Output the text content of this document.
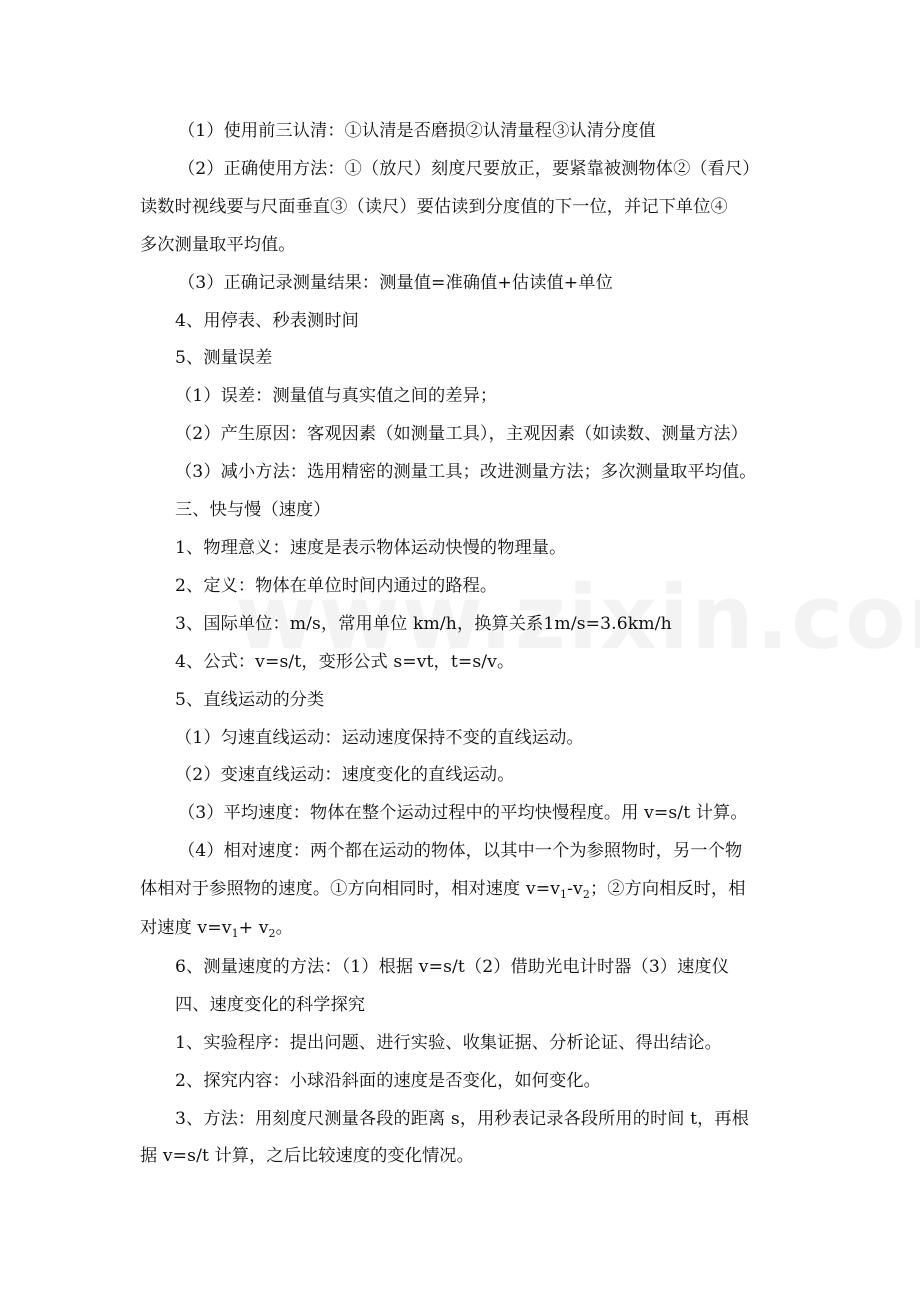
（1）使用前三认清：①认清是否磨损②认清量程③认清分度值
（2）正确使用方法：①（放尺）刻度尺要放正，要紧靠被测物体②（看尺）
读数时视线要与尺面垂直③（读尺）要估读到分度值的下一位，并记下单位④
多次测量取平均值。
（3）正确记录测量结果：测量值=准确值+估读值+单位
4、用停表、秒表测时间
5、测量误差
（1）误差：测量值与真实值之间的差异；
（2）产生原因：客观因素（如测量工具），主观因素（如读数、测量方法）
（3）减小方法：选用精密的测量工具；改进测量方法；多次测量取平均值。
三、快与慢（速度）
1、物理意义：速度是表示物体运动快慢的物理量。
2、定义：物体在单位时间内通过的路程。
3、国际单位：m/s，常用单位 km/h，换算关系1m/s=3.6km/h
4、公式：v=s/t，变形公式 s=vt，t=s/v。
5、直线运动的分类
（1）匀速直线运动：运动速度保持不变的直线运动。
（2）变速直线运动：速度变化的直线运动。
（3）平均速度：物体在整个运动过程中的平均快慢程度。用 v=s/t 计算。
（4）相对速度：两个都在运动的物体，以其中一个为参照物时，另一个物
体相对于参照物的速度。①方向相同时，相对速度 $v=v_1-v_2$；②方向相反时，相
对速度 $v=v_1+ v_2$。
6、测量速度的方法：（1）根据 v=s/t（2）借助光电计时器（3）速度仪
四、速度变化的科学探究
1、实验程序：提出问题、进行实验、收集证据、分析论证、得出结论。
2、探究内容：小球沿斜面的速度是否变化，如何变化。
3、方法：用刻度尺测量各段的距离 s，用秒表记录各段所用的时间 t，再根
据 v=s/t 计算，之后比较速度的变化情况。
